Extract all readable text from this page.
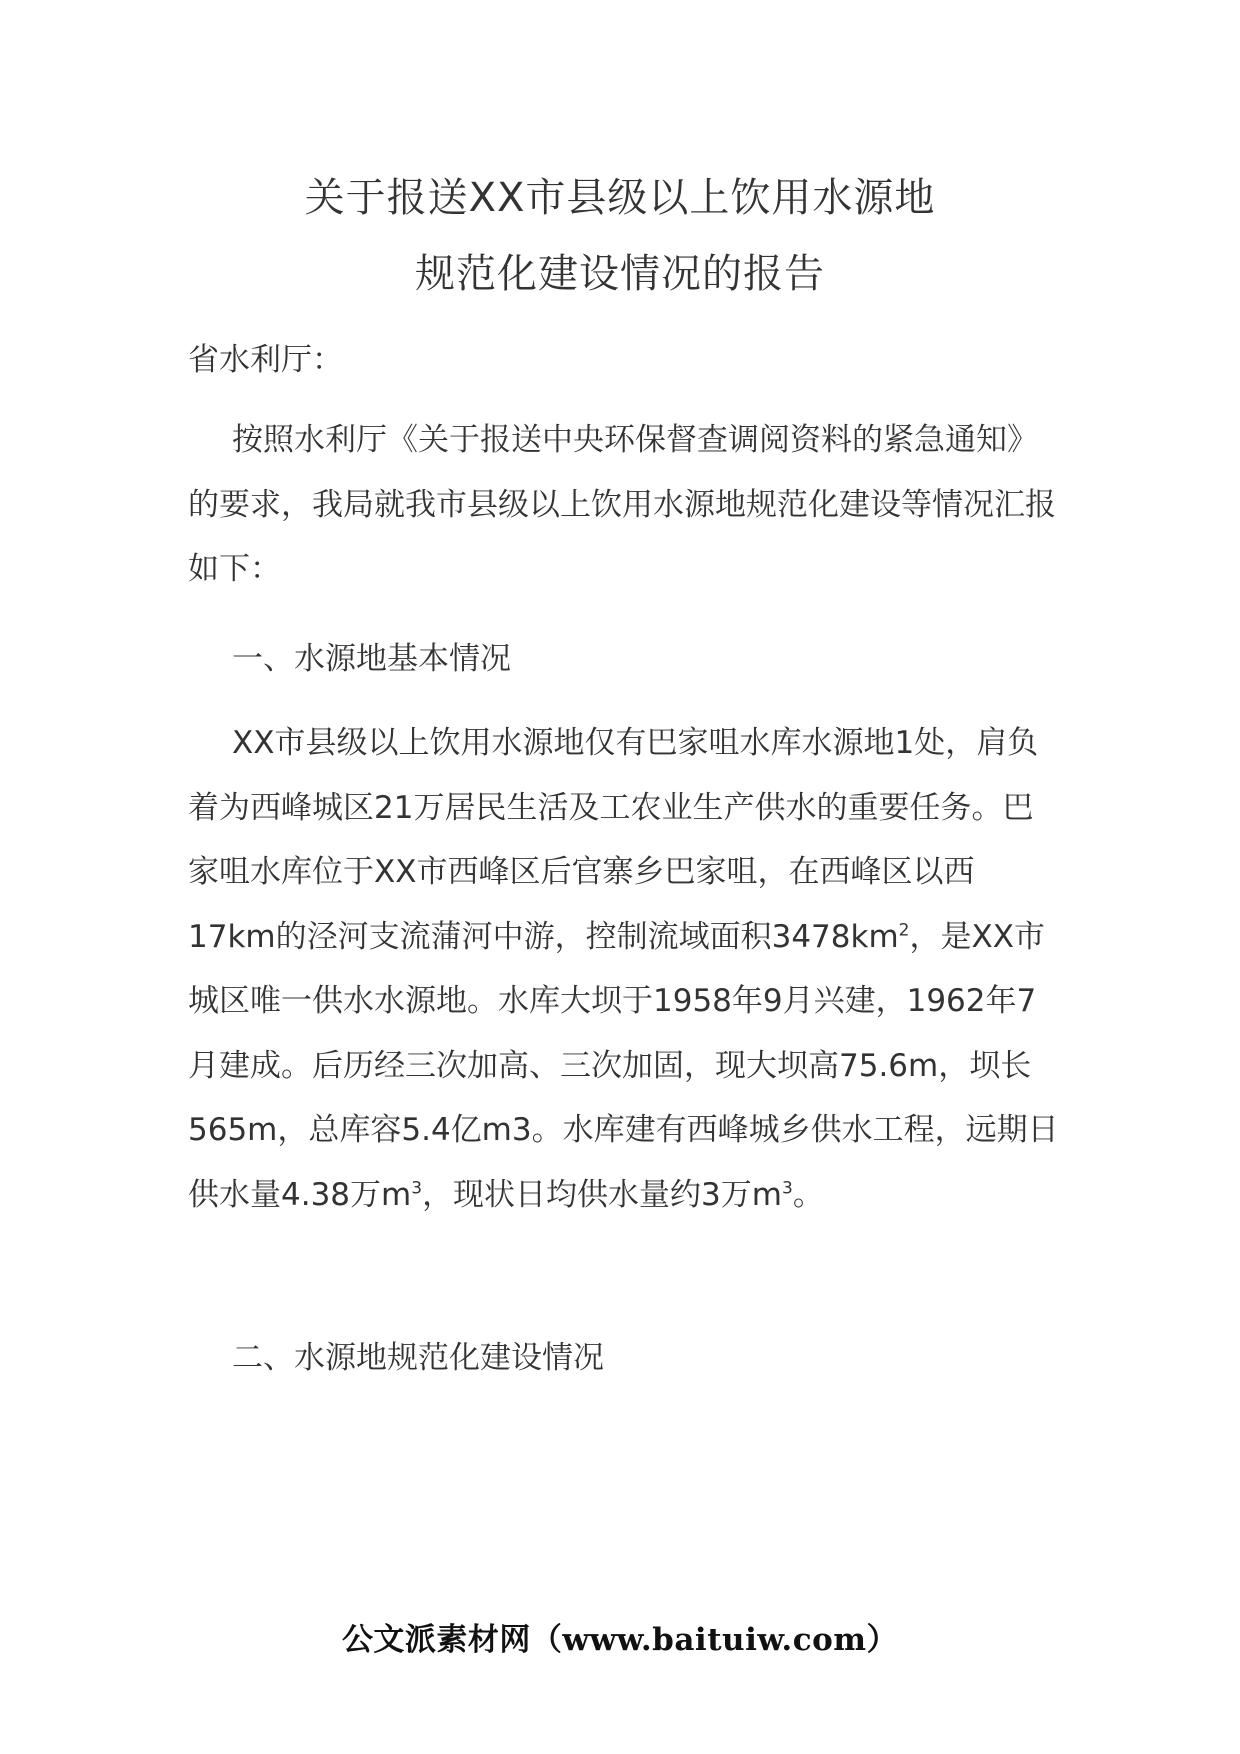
关于报送XX市县级以上饮用水源地
规范化建设情况的报告

省水利厅：

按照水利厅《关于报送中央环保督查调阅资料的紧急通知》的要求，我局就我市县级以上饮用水源地规范化建设等情况汇报如下：

一、水源地基本情况

XX市县级以上饮用水源地仅有巴家咀水库水源地1处，肩负着为西峰城区21万居民生活及工农业生产供水的重要任务。巴家咀水库位于XX市西峰区后官寨乡巴家咀，在西峰区以西17km的泾河支流蒲河中游，控制流域面积$3478km^2$，是XX市城区唯一供水水源地。水库大坝于1958年9月兴建，1962年7月建成。后历经三次加高、三次加固，现大坝高75.6m，坝长565m，总库容5.4亿m3。水库建有西峰城乡供水工程，远期日供水量4.38万$m^3$，现状日均供水量约3万$m^3$。

二、水源地规范化建设情况

公文派素材网（www.baituiw.com）
